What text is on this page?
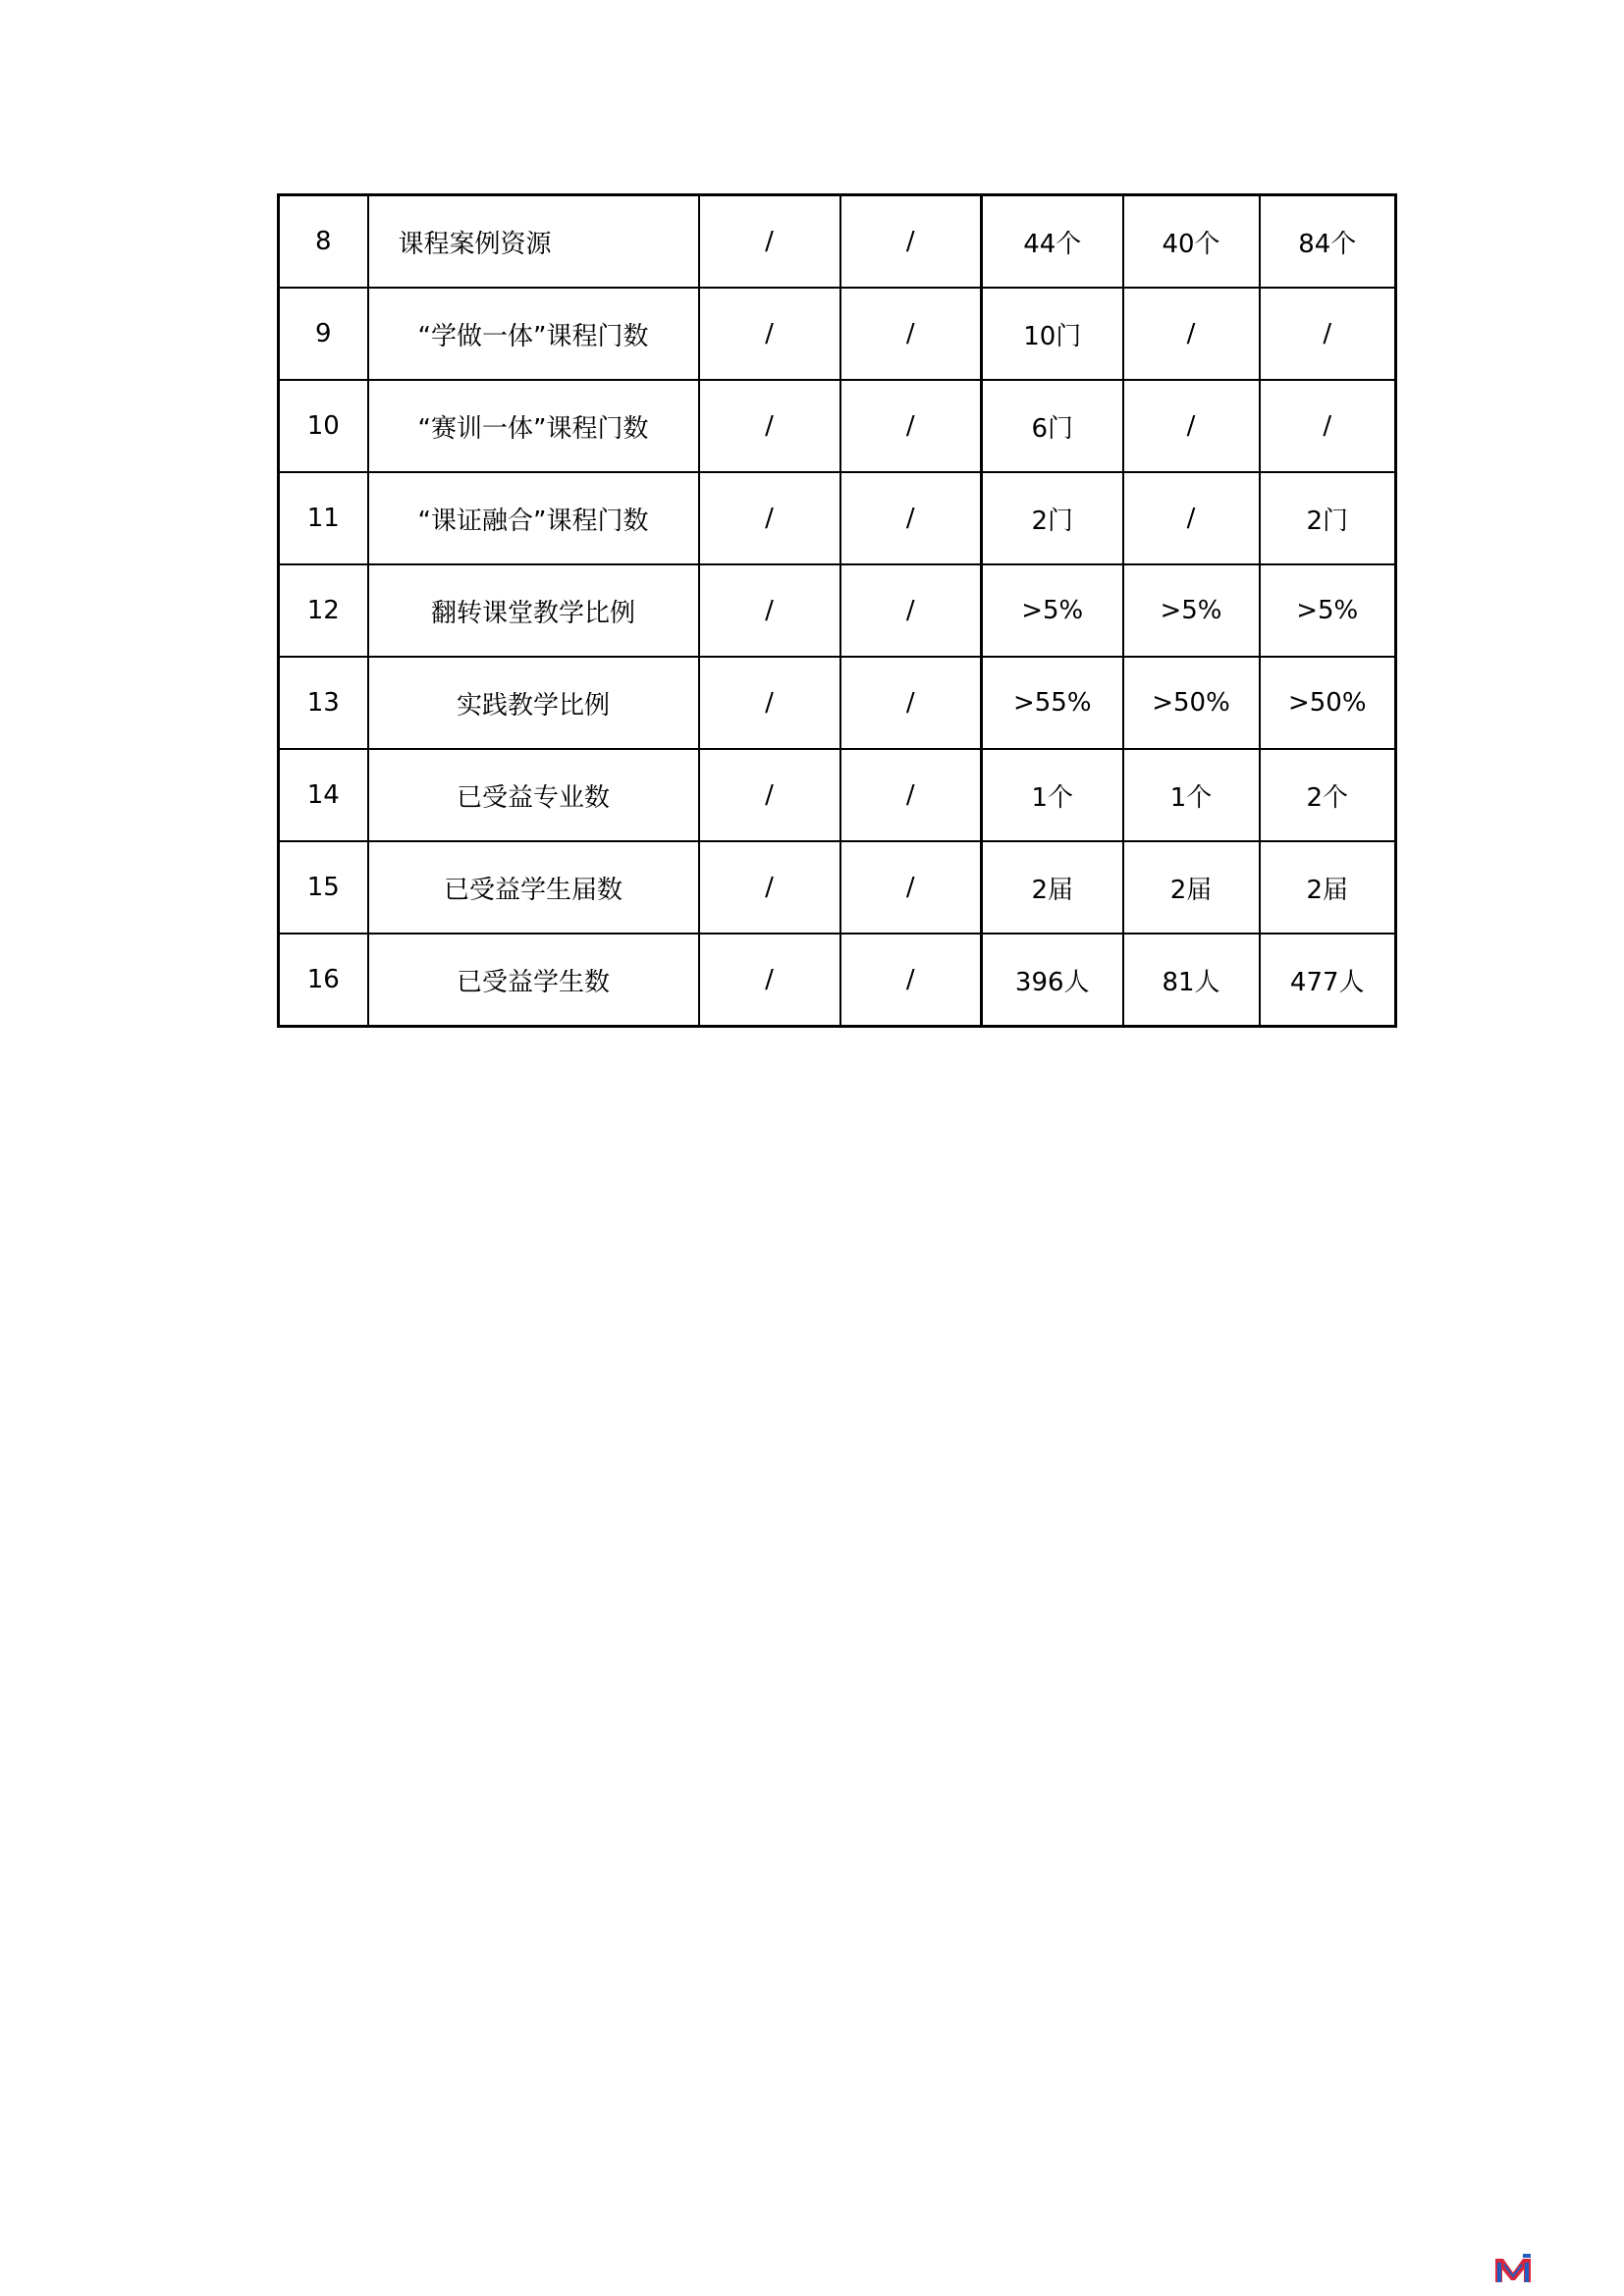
8	课程案例资源	/	/	44个	40个	84个
9	“学做一体”课程门数	/	/	10门	/	/
10	“赛训一体”课程门数	/	/	6门	/	/
11	“课证融合”课程门数	/	/	2门	/	2门
12	翻转课堂教学比例	/	/	>5%	>5%	>5%
13	实践教学比例	/	/	>55%	>50%	>50%
14	已受益专业数	/	/	1个	1个	2个
15	已受益学生届数	/	/	2届	2届	2届
16	已受益学生数	/	/	396人	81人	477人
